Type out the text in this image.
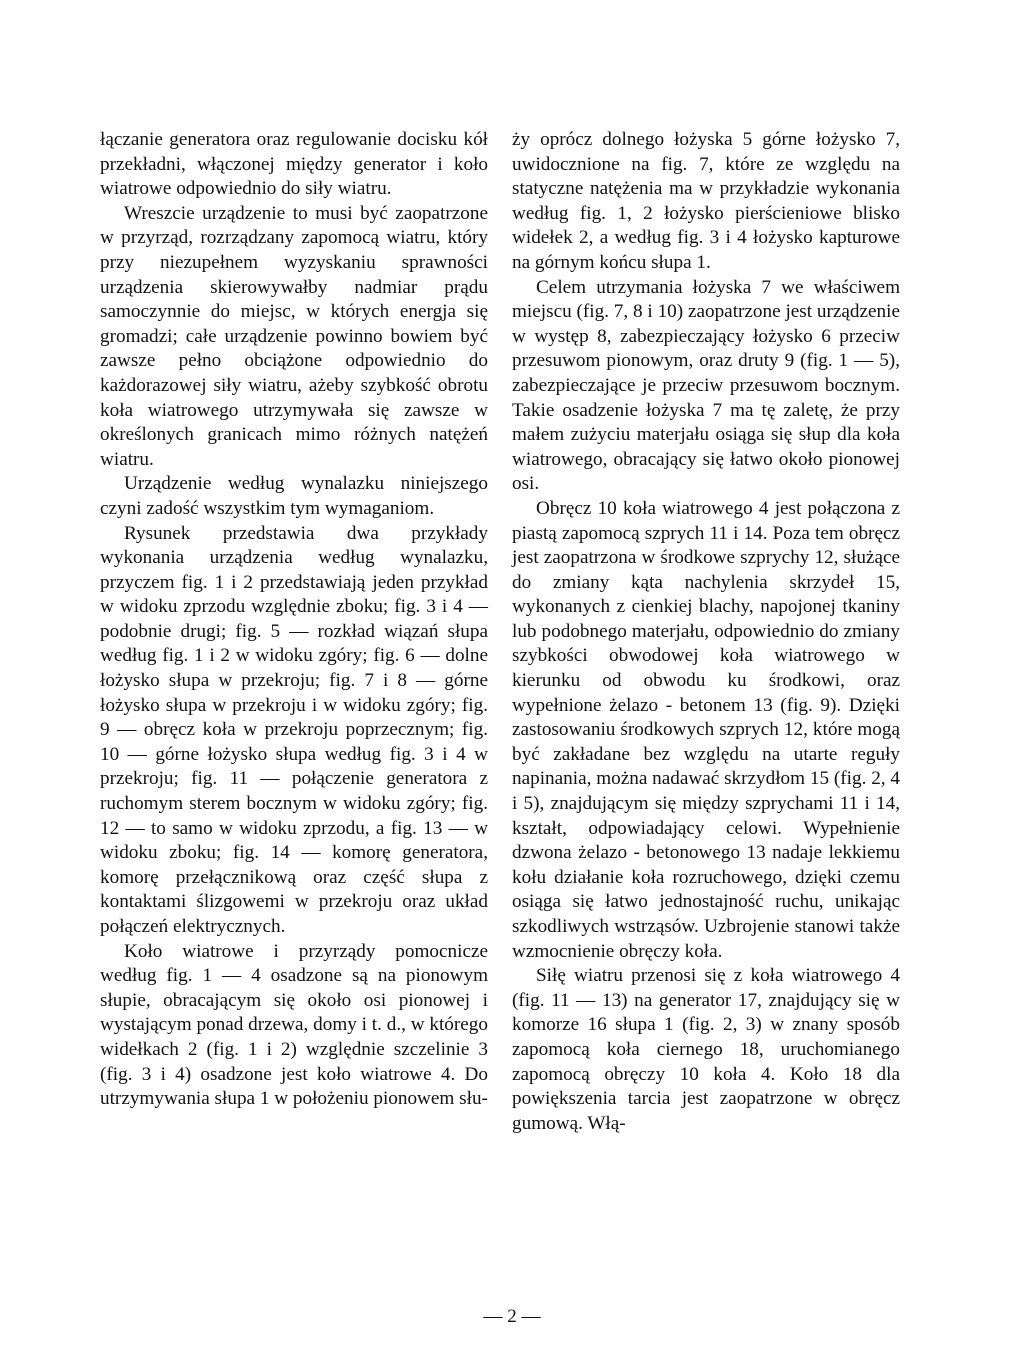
łączanie generatora oraz regulowanie docisku kół przekładni, włączonej między generator i koło wiatrowe odpowiednio do siły wiatru.

Wreszcie urządzenie to musi być zaopatrzone w przyrząd, rozrządzany zapomocą wiatru, który przy niezupełnem wyzyskaniu sprawności urządzenia skierowywałby nadmiar prądu samoczynnie do miejsc, w których energja się gromadzi; całe urządzenie powinno bowiem być zawsze pełno obciążone odpowiednio do każdorazowej siły wiatru, ażeby szybkość obrotu koła wiatrowego utrzymywała się zawsze w określonych granicach mimo różnych natężeń wiatru.

Urządzenie według wynalazku niniejszego czyni zadość wszystkim tym wymaganiom.

Rysunek przedstawia dwa przykłady wykonania urządzenia według wynalazku, przyczem fig. 1 i 2 przedstawiają jeden przykład w widoku zprzodu względnie zboku; fig. 3 i 4 — podobnie drugi; fig. 5 — rozkład wiązań słupa według fig. 1 i 2 w widoku zgóry; fig. 6 — dolne łożysko słupa w przekroju; fig. 7 i 8 — górne łożysko słupa w przekroju i w widoku zgóry; fig. 9 — obręcz koła w przekroju poprzecznym; fig. 10 — górne łożysko słupa według fig. 3 i 4 w przekroju; fig. 11 — połączenie generatora z ruchomym sterem bocznym w widoku zgóry; fig. 12 — to samo w widoku zprzodu, a fig. 13 — w widoku zboku; fig. 14 — komorę generatora, komorę przełącznikową oraz część słupa z kontaktami ślizgowemi w przekroju oraz układ połączeń elektrycznych.

Koło wiatrowe i przyrządy pomocnicze według fig. 1 — 4 osadzone są na pionowym słupie, obracającym się około osi pionowej i wystającym ponad drzewa, domy i t. d., w którego widełkach 2 (fig. 1 i 2) względnie szczelinie 3 (fig. 3 i 4) osadzone jest koło wiatrowe 4. Do utrzymywania słupa 1 w położeniu pionowem słu-

ży oprócz dolnego łożyska 5 górne łożysko 7, uwidocznione na fig. 7, które ze względu na statyczne natężenia ma w przykładzie wykonania według fig. 1, 2 łożysko pierścieniowe blisko widełek 2, a według fig. 3 i 4 łożysko kapturowe na górnym końcu słupa 1.

Celem utrzymania łożyska 7 we właściwem miejscu (fig. 7, 8 i 10) zaopatrzone jest urządzenie w występ 8, zabezpieczający łożysko 6 przeciw przesuwom pionowym, oraz druty 9 (fig. 1 — 5), zabezpieczające je przeciw przesuwom bocznym. Takie osadzenie łożyska 7 ma tę zaletę, że przy małem zużyciu materjału osiąga się słup dla koła wiatrowego, obracający się łatwo około pionowej osi.

Obręcz 10 koła wiatrowego 4 jest połączona z piastą zapomocą szprych 11 i 14. Poza tem obręcz jest zaopatrzona w środkowe szprychy 12, służące do zmiany kąta nachylenia skrzydeł 15, wykonanych z cienkiej blachy, napojonej tkaniny lub podobnego materjału, odpowiednio do zmiany szybkości obwodowej koła wiatrowego w kierunku od obwodu ku środkowi, oraz wypełnione żelazo - betonem 13 (fig. 9). Dzięki zastosowaniu środkowych szprych 12, które mogą być zakładane bez względu na utarte reguły napinania, można nadawać skrzydłom 15 (fig. 2, 4 i 5), znajdującym się między szprychami 11 i 14, kształt, odpowiadający celowi. Wypełnienie dzwona żelazo - betonowego 13 nadaje lekkiemu kołu działanie koła rozruchowego, dzięki czemu osiąga się łatwo jednostajność ruchu, unikając szkodliwych wstrząsów. Uzbrojenie stanowi także wzmocnienie obręczy koła.

Siłę wiatru przenosi się z koła wiatrowego 4 (fig. 11 — 13) na generator 17, znajdujący się w komorze 16 słupa 1 (fig. 2, 3) w znany sposób zapomocą koła ciernego 18, uruchomianego zapomocą obręczy 10 koła 4. Koło 18 dla powiększenia tarcia jest zaopatrzone w obręcz gumową. Włą-

— 2 —
